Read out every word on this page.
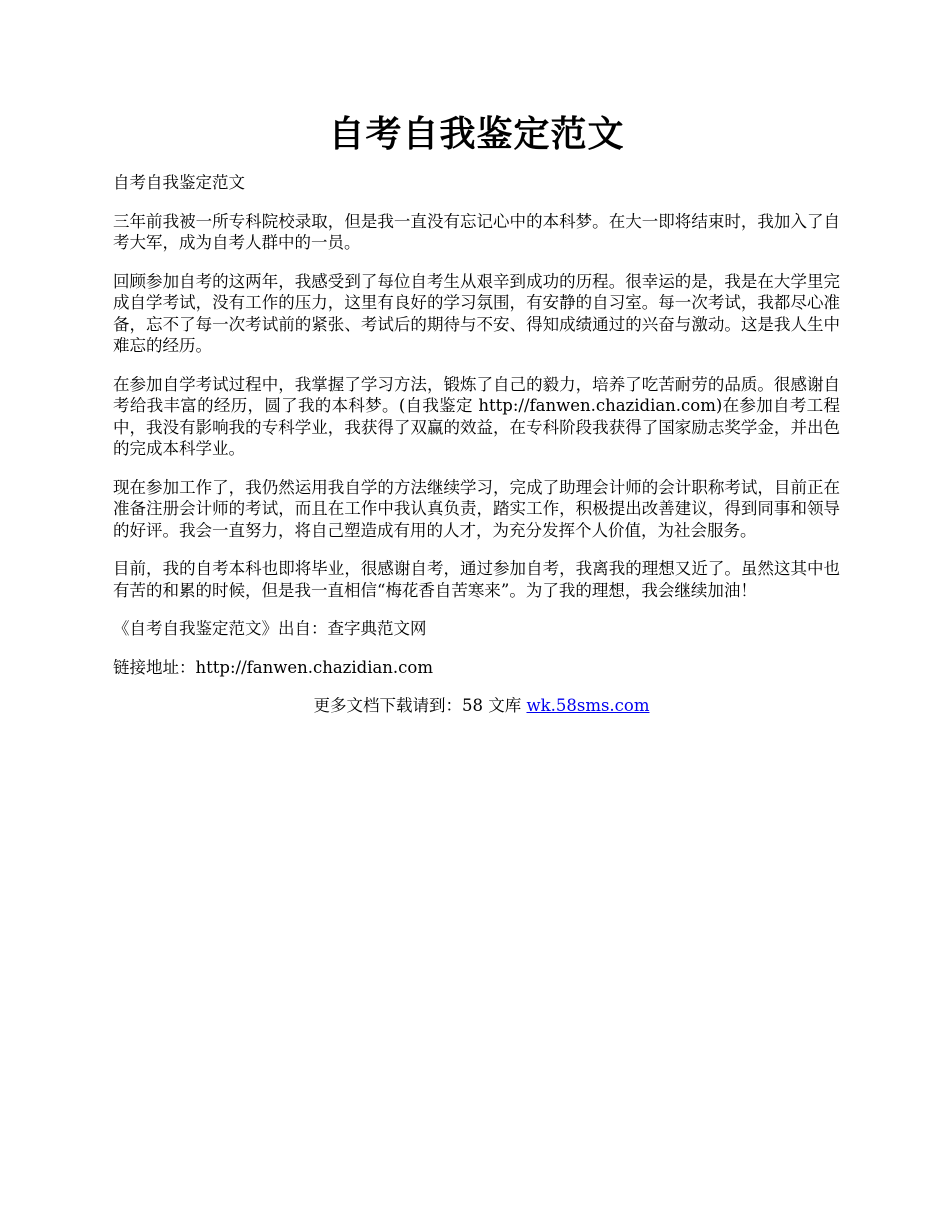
自考自我鉴定范文

自考自我鉴定范文

三年前我被一所专科院校录取，但是我一直没有忘记心中的本科梦。在大一即将结束时，我加入了自考大军，成为自考人群中的一员。

回顾参加自考的这两年，我感受到了每位自考生从艰辛到成功的历程。很幸运的是，我是在大学里完成自学考试，没有工作的压力，这里有良好的学习氛围，有安静的自习室。每一次考试，我都尽心准备，忘不了每一次考试前的紧张、考试后的期待与不安、得知成绩通过的兴奋与激动。这是我人生中难忘的经历。

在参加自学考试过程中，我掌握了学习方法，锻炼了自己的毅力，培养了吃苦耐劳的品质。很感谢自考给我丰富的经历，圆了我的本科梦。(自我鉴定 http://fanwen.chazidian.com)在参加自考工程中，我没有影响我的专科学业，我获得了双赢的效益，在专科阶段我获得了国家励志奖学金，并出色的完成本科学业。

现在参加工作了，我仍然运用我自学的方法继续学习，完成了助理会计师的会计职称考试，目前正在准备注册会计师的考试，而且在工作中我认真负责，踏实工作，积极提出改善建议，得到同事和领导的好评。我会一直努力，将自己塑造成有用的人才，为充分发挥个人价值，为社会服务。

目前，我的自考本科也即将毕业，很感谢自考，通过参加自考，我离我的理想又近了。虽然这其中也有苦的和累的时候，但是我一直相信“梅花香自苦寒来”。为了我的理想，我会继续加油！

《自考自我鉴定范文》出自：查字典范文网

链接地址：http://fanwen.chazidian.com

更多文档下载请到：58 文库 wk.58sms.com
